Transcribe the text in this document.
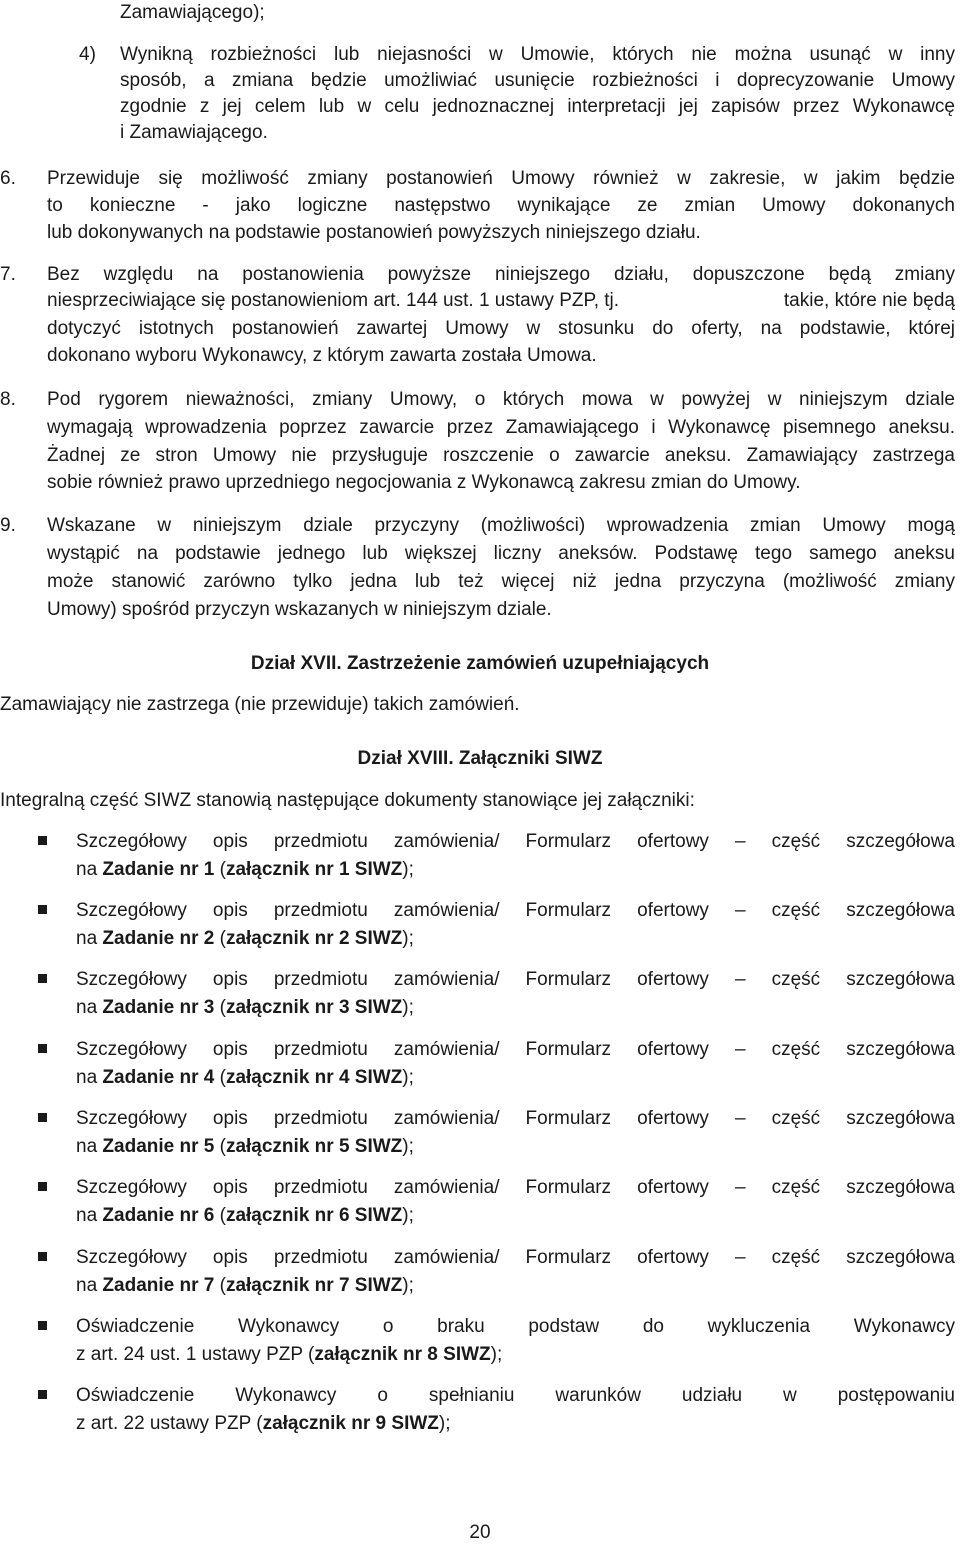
Zamawiającego);
4) Wynikną rozbieżności lub niejasności w Umowie, których nie można usunąć w inny
sposób, a zmiana będzie umożliwiać usunięcie rozbieżności i doprecyzowanie Umowy
zgodnie z jej celem lub w celu jednoznacznej interpretacji jej zapisów przez Wykonawcę
i Zamawiającego.
6. Przewiduje się możliwość zmiany postanowień Umowy również w zakresie, w jakim będzie
to konieczne - jako logiczne następstwo wynikające ze zmian Umowy dokonanych
lub dokonywanych na podstawie postanowień powyższych niniejszego działu.
7. Bez względu na postanowienia powyższe niniejszego działu, dopuszczone będą zmiany
niesprzeciwiające się postanowieniom art. 144 ust. 1 ustawy PZP, tj.	takie, które nie będą
dotyczyć istotnych postanowień zawartej Umowy w stosunku do oferty, na podstawie, której
dokonano wyboru Wykonawcy, z którym zawarta została Umowa.
8. Pod rygorem nieważności, zmiany Umowy, o których mowa w powyżej w niniejszym dziale
wymagają wprowadzenia poprzez zawarcie przez Zamawiającego i Wykonawcę pisemnego aneksu.
Żadnej ze stron Umowy nie przysługuje roszczenie o zawarcie aneksu. Zamawiający zastrzega
sobie również prawo uprzedniego negocjowania z Wykonawcą zakresu zmian do Umowy.
9. Wskazane w niniejszym dziale przyczyny (możliwości) wprowadzenia zmian Umowy mogą
wystąpić na podstawie jednego lub większej liczny aneksów. Podstawę tego samego aneksu
może stanowić zarówno tylko jedna lub też więcej niż jedna przyczyna (możliwość zmiany
Umowy) spośród przyczyn wskazanych w niniejszym dziale.
Dział XVII. Zastrzeżenie zamówień uzupełniających
Zamawiający nie zastrzega (nie przewiduje) takich zamówień.
Dział XVIII. Załączniki SIWZ
Integralną część SIWZ stanowią następujące dokumenty stanowiące jej załączniki:
Szczegółowy opis przedmiotu zamówienia/ Formularz ofertowy – część szczegółowa
na Zadanie nr 1 (załącznik nr 1 SIWZ);
Szczegółowy opis przedmiotu zamówienia/ Formularz ofertowy – część szczegółowa
na Zadanie nr 2 (załącznik nr 2 SIWZ);
Szczegółowy opis przedmiotu zamówienia/ Formularz ofertowy – część szczegółowa
na Zadanie nr 3 (załącznik nr 3 SIWZ);
Szczegółowy opis przedmiotu zamówienia/ Formularz ofertowy – część szczegółowa
na Zadanie nr 4 (załącznik nr 4 SIWZ);
Szczegółowy opis przedmiotu zamówienia/ Formularz ofertowy – część szczegółowa
na Zadanie nr 5 (załącznik nr 5 SIWZ);
Szczegółowy opis przedmiotu zamówienia/ Formularz ofertowy – część szczegółowa
na Zadanie nr 6 (załącznik nr 6 SIWZ);
Szczegółowy opis przedmiotu zamówienia/ Formularz ofertowy – część szczegółowa
na Zadanie nr 7 (załącznik nr 7 SIWZ);
Oświadczenie Wykonawcy o braku podstaw do wykluczenia Wykonawcy
z art. 24 ust. 1 ustawy PZP (załącznik nr 8 SIWZ);
Oświadczenie Wykonawcy o spełnianiu warunków udziału w postępowaniu
z art. 22 ustawy PZP (załącznik nr 9 SIWZ);
20
